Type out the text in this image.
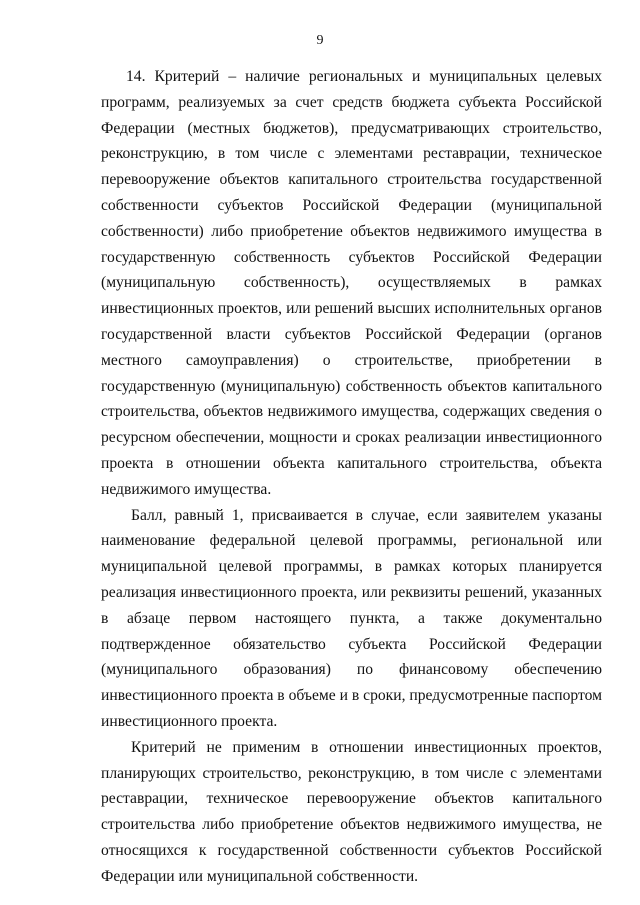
9

14. Критерий – наличие региональных и муниципальных целевых программ, реализуемых за счет средств бюджета субъекта Российской Федерации (местных бюджетов), предусматривающих строительство, реконструкцию, в том числе с элементами реставрации, техническое перевооружение объектов капитального строительства государственной собственности субъектов Российской Федерации (муниципальной собственности) либо приобретение объектов недвижимого имущества в государственную собственность субъектов Российской Федерации (муниципальную собственность), осуществляемых в рамках инвестиционных проектов, или решений высших исполнительных органов государственной власти субъектов Российской Федерации (органов местного самоуправления) о строительстве, приобретении в государственную (муниципальную) собственность объектов капитального строительства, объектов недвижимого имущества, содержащих сведения о ресурсном обеспечении, мощности и сроках реализации инвестиционного проекта в отношении объекта капитального строительства, объекта недвижимого имущества.

Балл, равный 1, присваивается в случае, если заявителем указаны наименование федеральной целевой программы, региональной или муниципальной целевой программы, в рамках которых планируется реализация инвестиционного проекта, или реквизиты решений, указанных в абзаце первом настоящего пункта, а также документально подтвержденное обязательство субъекта Российской Федерации (муниципального образования) по финансовому обеспечению инвестиционного проекта в объеме и в сроки, предусмотренные паспортом инвестиционного проекта.

Критерий не применим в отношении инвестиционных проектов, планирующих строительство, реконструкцию, в том числе с элементами реставрации, техническое перевооружение объектов капитального строительства либо приобретение объектов недвижимого имущества, не относящихся к государственной собственности субъектов Российской Федерации или муниципальной собственности.
